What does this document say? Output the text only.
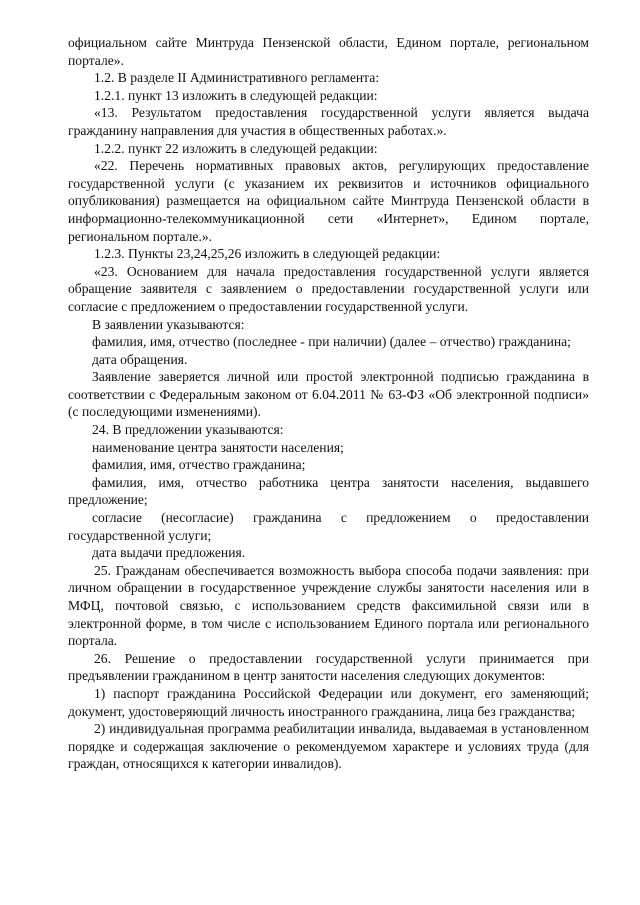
официальном сайте Минтруда Пензенской области, Едином портале, региональном портале».

1.2. В разделе II Административного регламента:

1.2.1. пункт 13 изложить в следующей редакции:

«13. Результатом предоставления государственной услуги является выдача гражданину направления для участия в общественных работах.».

1.2.2. пункт 22 изложить в следующей редакции:

«22. Перечень нормативных правовых актов, регулирующих предоставление государственной услуги (с указанием их реквизитов и источников официального опубликования) размещается на официальном сайте Минтруда Пензенской области в информационно-телекоммуникационной сети «Интернет», Едином портале, региональном портале.».

1.2.3. Пункты 23,24,25,26 изложить в следующей редакции:

«23. Основанием для начала предоставления государственной услуги является обращение заявителя с заявлением о предоставлении государственной услуги или согласие с предложением о предоставлении государственной услуги.

В заявлении указываются:

фамилия, имя, отчество (последнее - при наличии) (далее – отчество) гражданина;

дата обращения.

Заявление заверяется личной или простой электронной подписью гражданина в соответствии с Федеральным законом от 6.04.2011 № 63-ФЗ «Об электронной подписи» (с последующими изменениями).

24. В предложении указываются:

наименование центра занятости населения;

фамилия, имя, отчество гражданина;

фамилия, имя, отчество работника центра занятости населения, выдавшего предложение;

согласие (несогласие) гражданина с предложением о предоставлении государственной услуги;

дата выдачи предложения.

25. Гражданам обеспечивается возможность выбора способа подачи заявления: при личном обращении в государственное учреждение службы занятости населения или в МФЦ, почтовой связью, с использованием средств факсимильной связи или в электронной форме, в том числе с использованием Единого портала или регионального портала.

26. Решение о предоставлении государственной услуги принимается при предъявлении гражданином в центр занятости населения следующих документов:

1) паспорт гражданина Российской Федерации или документ, его заменяющий; документ, удостоверяющий личность иностранного гражданина, лица без гражданства;

2) индивидуальная программа реабилитации инвалида, выдаваемая в установленном порядке и содержащая заключение о рекомендуемом характере и условиях труда (для граждан, относящихся к категории инвалидов).
